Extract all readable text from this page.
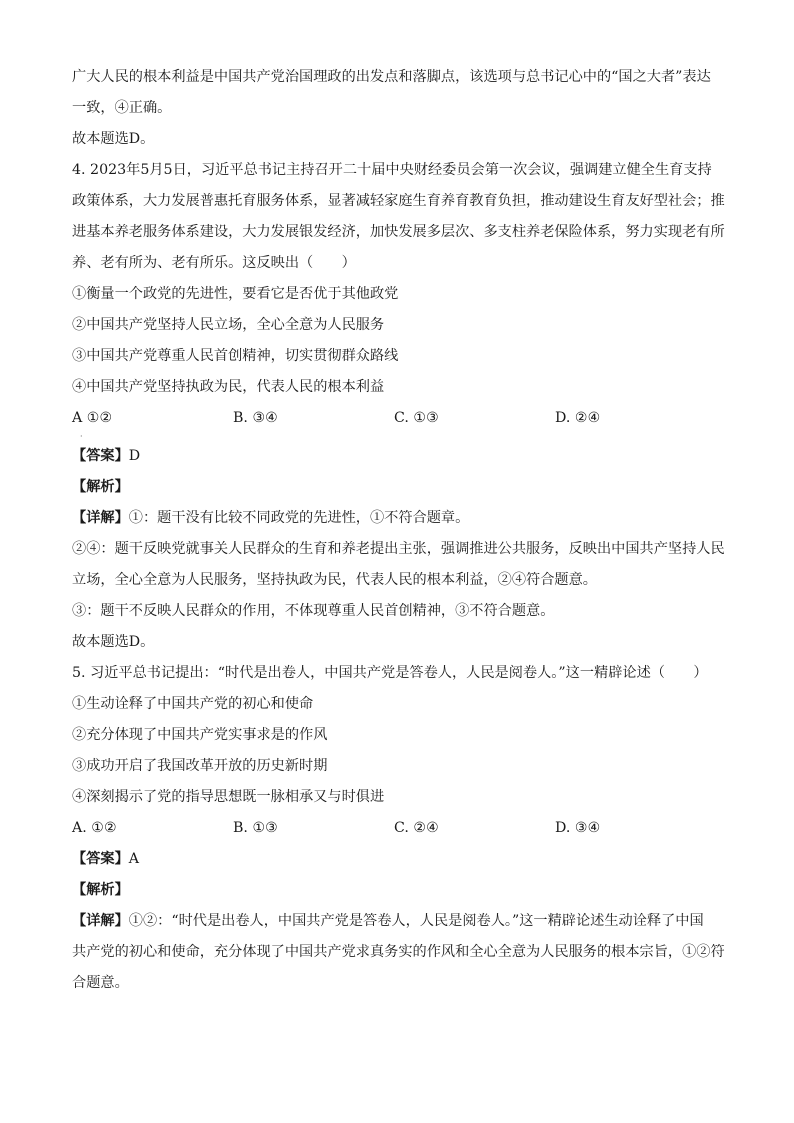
广大人民的根本利益是中国共产党治国理政的出发点和落脚点，该选项与总书记心中的“国之大者”表达
一致，④正确。
故本题选D。
4. 2023年5月5日，习近平总书记主持召开二十届中央财经委员会第一次会议，强调建立健全生育支持
政策体系，大力发展普惠托育服务体系，显著减轻家庭生育养育教育负担，推动建设生育友好型社会；推
进基本养老服务体系建设，大力发展银发经济，加快发展多层次、多支柱养老保险体系，努力实现老有所
养、老有所为、老有所乐。这反映出（　　）
①衡量一个政党的先进性，要看它是否优于其他政党
②中国共产党坚持人民立场，全心全意为人民服务
③中国共产党尊重人民首创精神，切实贯彻群众路线
④中国共产党坚持执政为民，代表人民的根本利益
A ①②	B. ③④	C. ①③	D. ②④
【答案】D
【解析】
【详解】①：题干没有比较不同政党的先进性，①不符合题章。
②④：题干反映党就事关人民群众的生育和养老提出主张，强调推进公共服务，反映出中国共产坚持人民
立场，全心全意为人民服务，坚持执政为民，代表人民的根本利益，②④符合题意。
③：题干不反映人民群众的作用，不体现尊重人民首创精神，③不符合题意。
故本题选D。
5. 习近平总书记提出：“时代是出卷人，中国共产党是答卷人，人民是阅卷人。”这一精辟论述（　　）
①生动诠释了中国共产党的初心和使命
②充分体现了中国共产党实事求是的作风
③成功开启了我国改革开放的历史新时期
④深刻揭示了党的指导思想既一脉相承又与时俱进
A. ①②	B. ①③	C. ②④	D. ③④
【答案】A
【解析】
【详解】①②：“时代是出卷人，中国共产党是答卷人，人民是阅卷人。”这一精辟论述生动诠释了中国
共产党的初心和使命，充分体现了中国共产党求真务实的作风和全心全意为人民服务的根本宗旨，①②符
合题意。
·
